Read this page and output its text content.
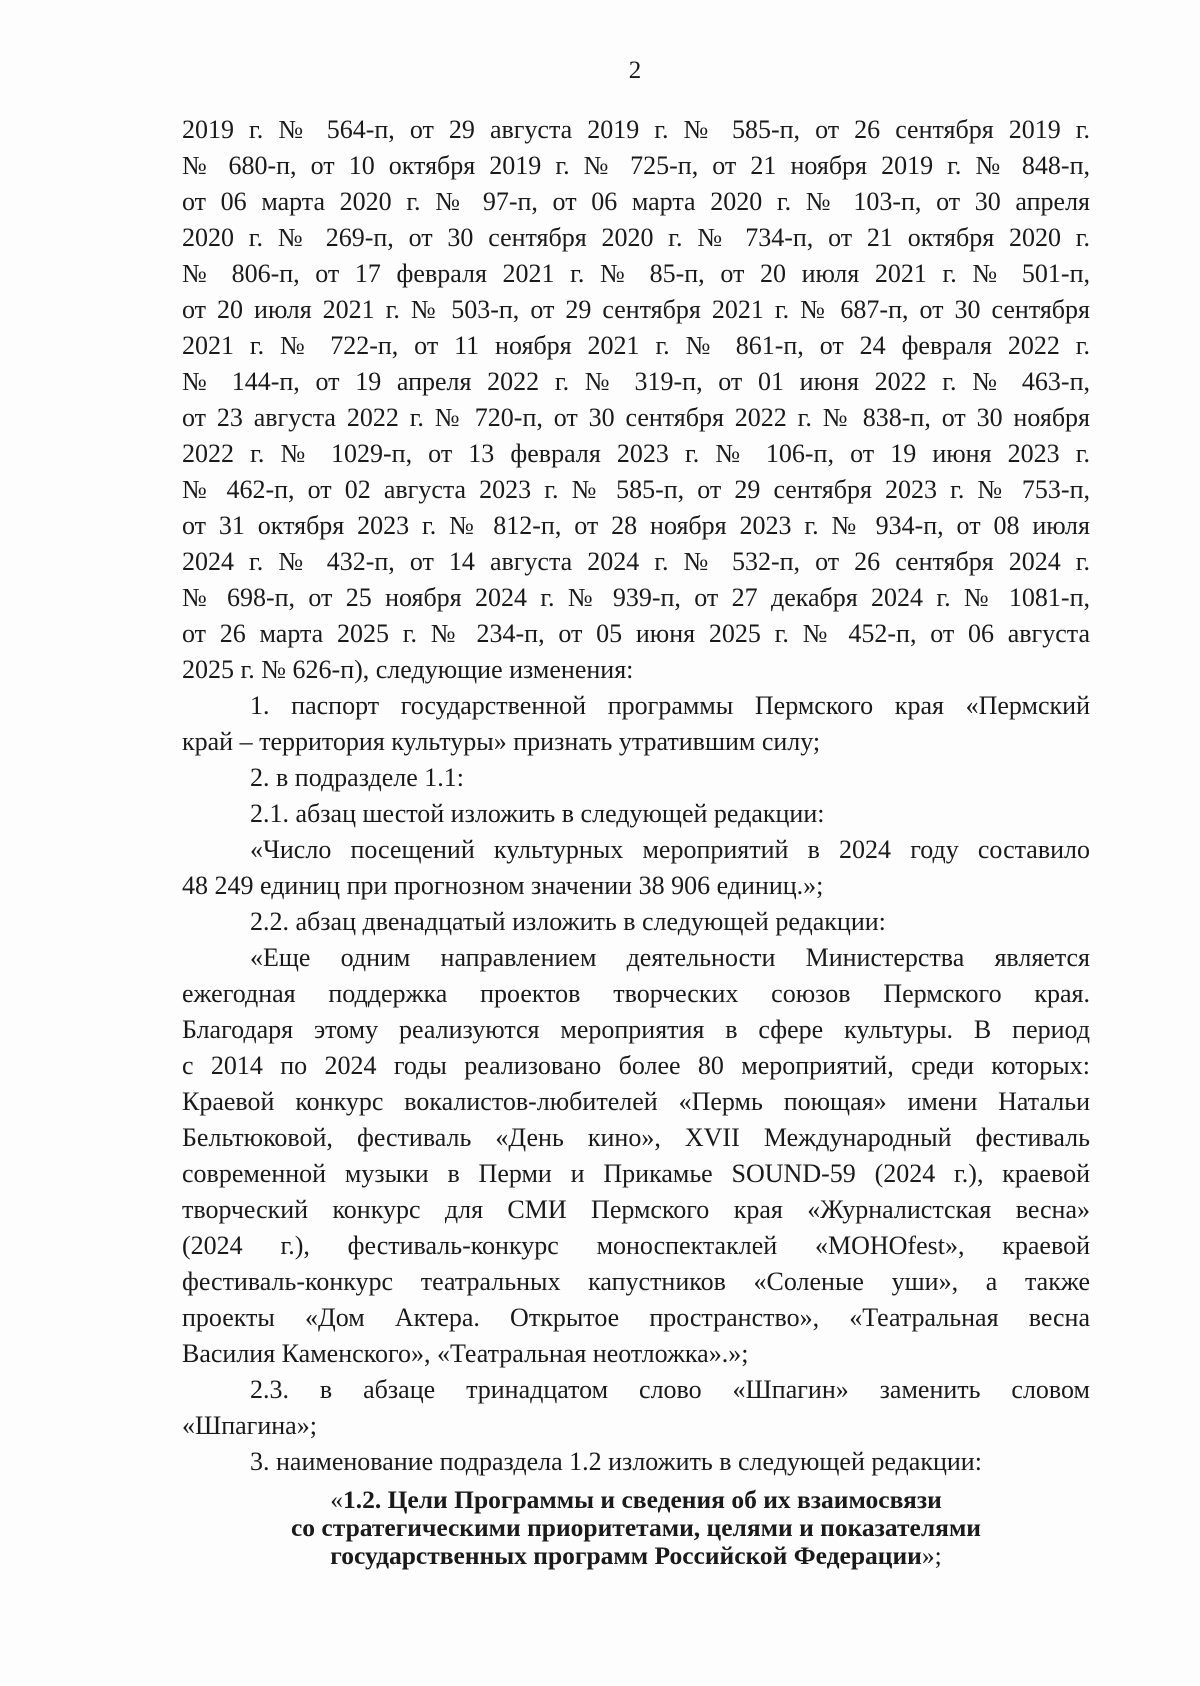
2
2019 г. № 564-п, от 29 августа 2019 г. № 585-п, от 26 сентября 2019 г.
№ 680-п, от 10 октября 2019 г. № 725-п, от 21 ноября 2019 г. № 848-п,
от 06 марта 2020 г. № 97-п, от 06 марта 2020 г. № 103-п, от 30 апреля
2020 г. № 269-п, от 30 сентября 2020 г. № 734-п, от 21 октября 2020 г.
№ 806-п, от 17 февраля 2021 г. № 85-п, от 20 июля 2021 г. № 501-п,
от 20 июля 2021 г. № 503-п, от 29 сентября 2021 г. № 687-п, от 30 сентября
2021 г. № 722-п, от 11 ноября 2021 г. № 861-п, от 24 февраля 2022 г.
№ 144-п, от 19 апреля 2022 г. № 319-п, от 01 июня 2022 г. № 463-п,
от 23 августа 2022 г. № 720-п, от 30 сентября 2022 г. № 838-п, от 30 ноября
2022 г. № 1029-п, от 13 февраля 2023 г. № 106-п, от 19 июня 2023 г.
№ 462-п, от 02 августа 2023 г. № 585-п, от 29 сентября 2023 г. № 753-п,
от 31 октября 2023 г. № 812-п, от 28 ноября 2023 г. № 934-п, от 08 июля
2024 г. № 432-п, от 14 августа 2024 г. № 532-п, от 26 сентября 2024 г.
№ 698-п, от 25 ноября 2024 г. № 939-п, от 27 декабря 2024 г. № 1081-п,
от 26 марта 2025 г. № 234-п, от 05 июня 2025 г. № 452-п, от 06 августа
2025 г. № 626-п), следующие изменения:
1. паспорт государственной программы Пермского края «Пермский
край – территория культуры» признать утратившим силу;
2. в подразделе 1.1:
2.1. абзац шестой изложить в следующей редакции:
«Число посещений культурных мероприятий в 2024 году составило
48 249 единиц при прогнозном значении 38 906 единиц.»;
2.2. абзац двенадцатый изложить в следующей редакции:
«Еще одним направлением деятельности Министерства является
ежегодная поддержка проектов творческих союзов Пермского края.
Благодаря этому реализуются мероприятия в сфере культуры. В период
с 2014 по 2024 годы реализовано более 80 мероприятий, среди которых:
Краевой конкурс вокалистов-любителей «Пермь поющая» имени Натальи
Бельтюковой, фестиваль «День кино», XVII Международный фестиваль
современной музыки в Перми и Прикамье SOUND-59 (2024 г.), краевой
творческий конкурс для СМИ Пермского края «Журналистская весна»
(2024 г.), фестиваль-конкурс моноспектаклей «МОНОfest», краевой
фестиваль-конкурс театральных капустников «Соленые уши», а также
проекты «Дом Актера. Открытое пространство», «Театральная весна
Василия Каменского», «Театральная неотложка».»;
2.3. в абзаце тринадцатом слово «Шпагин» заменить словом
«Шпагина»;
3. наименование подраздела 1.2 изложить в следующей редакции:
«1.2. Цели Программы и сведения об их взаимосвязи
со стратегическими приоритетами, целями и показателями
государственных программ Российской Федерации»;
